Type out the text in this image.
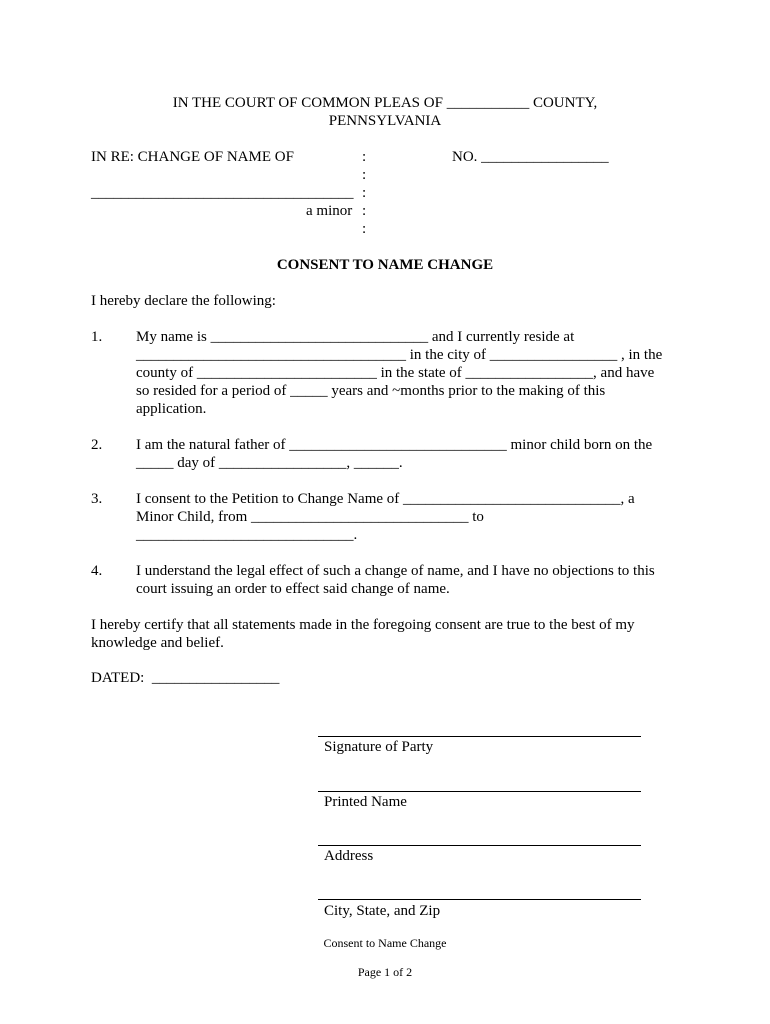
IN THE COURT OF COMMON PLEAS OF ___________ COUNTY,
PENNSYLVANIA
IN RE: CHANGE OF NAME OF	NO. _________________
:
:
:
:
:
___________________________________
a minor
CONSENT TO NAME CHANGE
I hereby declare the following:
1. My name is _____________________________ and I currently reside at
____________________________________ in the city of _________________ , in the
county of ________________________ in the state of _________________, and have
so resided for a period of _____ years and ~months prior to the making of this
application.
2. I am the natural father of _____________________________ minor child born on the
_____ day of _________________, ______.
3. I consent to the Petition to Change Name of _____________________________, a
Minor Child, from _____________________________ to
_____________________________.
4. I understand the legal effect of such a change of name, and I have no objections to this
court issuing an order to effect said change of name.
I hereby certify that all statements made in the foregoing consent are true to the best of my
knowledge and belief.
DATED:  _________________
Signature of Party
Printed Name
Address
City, State, and Zip
Consent to Name Change
Page 1 of 2
